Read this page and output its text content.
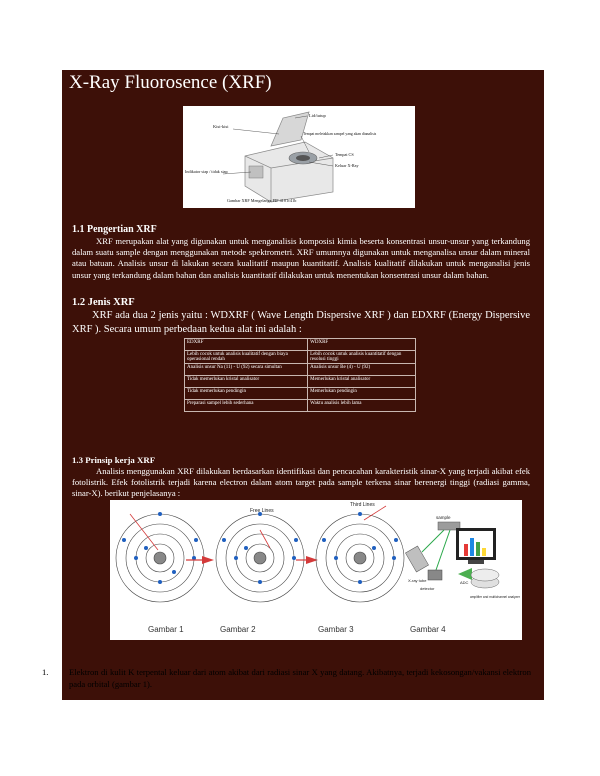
X-Ray Fluorosence (XRF)
Lid/tutup
Kisi-kisi
Tempat meletakkan sampel yang akan dianalisis
Tempat CS
Keluar X-Ray
Indikator siap / tidak siap
Gambar XRF Mengelanga PIF 41S1c41b
1.1 Pengertian XRF
XRF merupakan alat yang digunakan untuk menganalisis komposisi kimia beserta konsentrasi unsur-unsur yang terkandung dalam suatu sample dengan menggunakan metode spektrometri. XRF umumnya digunakan untuk menganalisa unsur dalam mineral atau batuan. Analisis unsur di lakukan secara kualitatif maupun kuantitatif. Analisis kualitatif dilakukan untuk menganalisi jenis unsur yang terkandung dalam bahan dan analisis kuantitatif dilakukan untuk menentukan konsentrasi unsur dalam bahan.
1.2 Jenis XRF
XRF ada dua 2 jenis yaitu : WDXRF ( Wave Length Dispersive XRF ) dan EDXRF (Energy Dispersive XRF ). Secara umum perbedaan kedua alat ini adalah :
EDXRF	WDXRF
Lebih cocok untuk analisis kualitatif dengan biaya operasional rendah	Lebih cocok untuk analisis kuantitatif dengan resolusi tinggi
Analisis unsur Na (11) - U (92) secara simultan	Analisis unsur Be (4) - U (92)
Tidak memerlukan kristal analisator	Memerlukan kristal analisator
Tidak memerlukan pendingin	Memerlukan pendingin
Preparasi sampel lebih sederhana	Waktu analisis lebih lama
1.3 Prinsip kerja XRF
Analisis menggunakan XRF dilakukan berdasarkan identifikasi dan pencacahan karakteristik sinar-X yang terjadi akibat efek fotolistrik. Efek fotolistrik terjadi karena electron dalam atom target pada sample terkena sinar berenergi tinggi (radiasi gamma, sinar-X). berikut penjelasanya :
Free Lines
Third Lines
sample
X-ray tube
detector
amplifier and multichannel analyzer
ADC
Gambar 1	Gambar 2	Gambar 3	Gambar 4
1. Elektron di kulit K terpental keluar dari atom akibat dari radiasi sinar X yang datang. Akibatnya, terjadi kekosongan/vakansi elektron pada orbital (gambar 1).
